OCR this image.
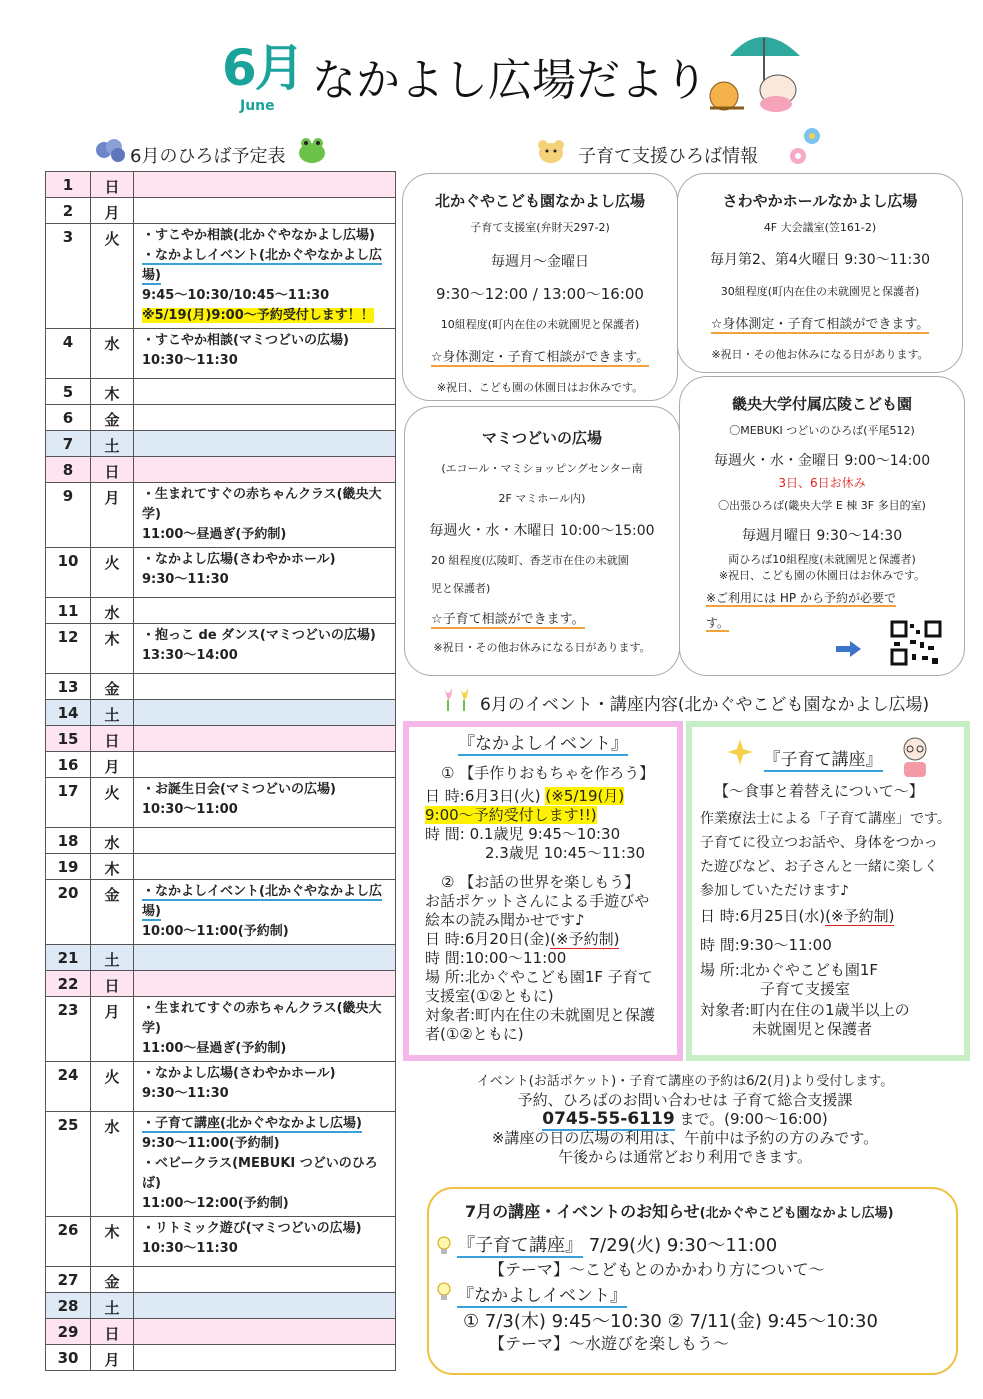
6月
June なかよし広場だより
6月のひろば予定表
1	日	
2	月	
3	火	・すこやか相談(北かぐやなかよし広場)
・なかよしイベント(北かぐやなかよし広場)
9:45～10:30/10:45～11:30
※5/19(月)9:00～予約受付します！！

4	水	・すこやか相談(マミつどいの広場)
10:30～11:30

5	木	
6	金	
7	土	
8	日	
9	月	・生まれてすぐの赤ちゃんクラス(畿央大学)
11:00～昼過ぎ(予約制)

10	火	・なかよし広場(さわやかホール)
9:30～11:30

11	水	
12	木	・抱っこ de ダンス(マミつどいの広場)
13:30～14:00

13	金	
14	土	
15	日	
16	月	
17	火	・お誕生日会(マミつどいの広場)
10:30～11:00

18	水	
19	木	
20	金	・なかよしイベント(北かぐやなかよし広場)
10:00～11:00(予約制)

21	土	
22	日	
23	月	・生まれてすぐの赤ちゃんクラス(畿央大学)
11:00～昼過ぎ(予約制)

24	火	・なかよし広場(さわやかホール)
9:30～11:30

25	水	・子育て講座(北かぐやなかよし広場)
9:30～11:00(予約制)
・ベビークラス(MEBUKI つどいのひろば)
11:00～12:00(予約制)

26	木	・リトミック遊び(マミつどいの広場)
10:30～11:30

27	金	
28	土	
29	日	
30	月	
子育て支援ひろば情報
北かぐやこども園なかよし広場
子育て支援室(弁財天297-2)
毎週月～金曜日
9:30～12:00 / 13:00～16:00
10組程度(町内在住の未就園児と保護者)
☆身体測定・子育て相談ができます。
※祝日、こども園の休園日はお休みです。
さわやかホールなかよし広場
4F 大会議室(笠161-2)
毎月第2、第4火曜日 9:30～11:30
30組程度(町内在住の未就園児と保護者)
☆身体測定・子育て相談ができます。
※祝日・その他お休みになる日があります。
マミつどいの広場
(エコール・マミショッピングセンター南
2F マミホール内)
毎週火・水・木曜日 10:00～15:00
20 組程度(広陵町、香芝市在住の未就園
児と保護者)
☆子育て相談ができます。
※祝日・その他お休みになる日があります。
畿央大学付属広陵こども園
〇MEBUKI つどいのひろば(平尾512)
毎週火・水・金曜日 9:00～14:00
3日、6日お休み
〇出張ひろば(畿央大学 E 棟 3F 多目的室)
毎週月曜日 9:30～14:30
両ひろば10組程度(未就園児と保護者)
※祝日、こども園の休園日はお休みです。
※ご利用には HP から予約が必要で
す。
6月のイベント・講座内容(北かぐやこども園なかよし広場)
『なかよしイベント』
① 【手作りおもちゃを作ろう】
日 時:6月3日(火) (※5/19(月)
9:00～予約受付します!!)
時 間: 0.1歳児 9:45～10:30
2.3歳児 10:45～11:30
② 【お話の世界を楽しもう】
お話ポケットさんによる手遊びや
絵本の読み聞かせです♪
日 時:6月20日(金)(※予約制)
時 間:10:00～11:00
場 所:北かぐやこども園1F 子育て
支援室(①②ともに)
対象者:町内在住の未就園児と保護
者(①②ともに)
『子育て講座』
【～食事と着替えについて～】
作業療法士による「子育て講座」です。
子育てに役立つお話や、身体をつかっ
た遊びなど、お子さんと一緒に楽しく
参加していただけます♪
日 時:6月25日(水)(※予約制)
時 間:9:30～11:00
場 所:北かぐやこども園1F
子育て支援室
対象者:町内在住の1歳半以上の
未就園児と保護者
イベント(お話ポケット)・子育て講座の予約は6/2(月)より受付します。
予約、ひろばのお問い合わせは 子育て総合支援課
0745-55-6119 まで。(9:00～16:00)
※講座の日の広場の利用は、午前中は予約の方のみです。
午後からは通常どおり利用できます。
7月の講座・イベントのお知らせ(北かぐやこども園なかよし広場)
『子育て講座』 7/29(火) 9:30～11:00
【テーマ】～こどもとのかかわり方について～
『なかよしイベント』
① 7/3(木) 9:45～10:30 ② 7/11(金) 9:45～10:30
【テーマ】～水遊びを楽しもう～
